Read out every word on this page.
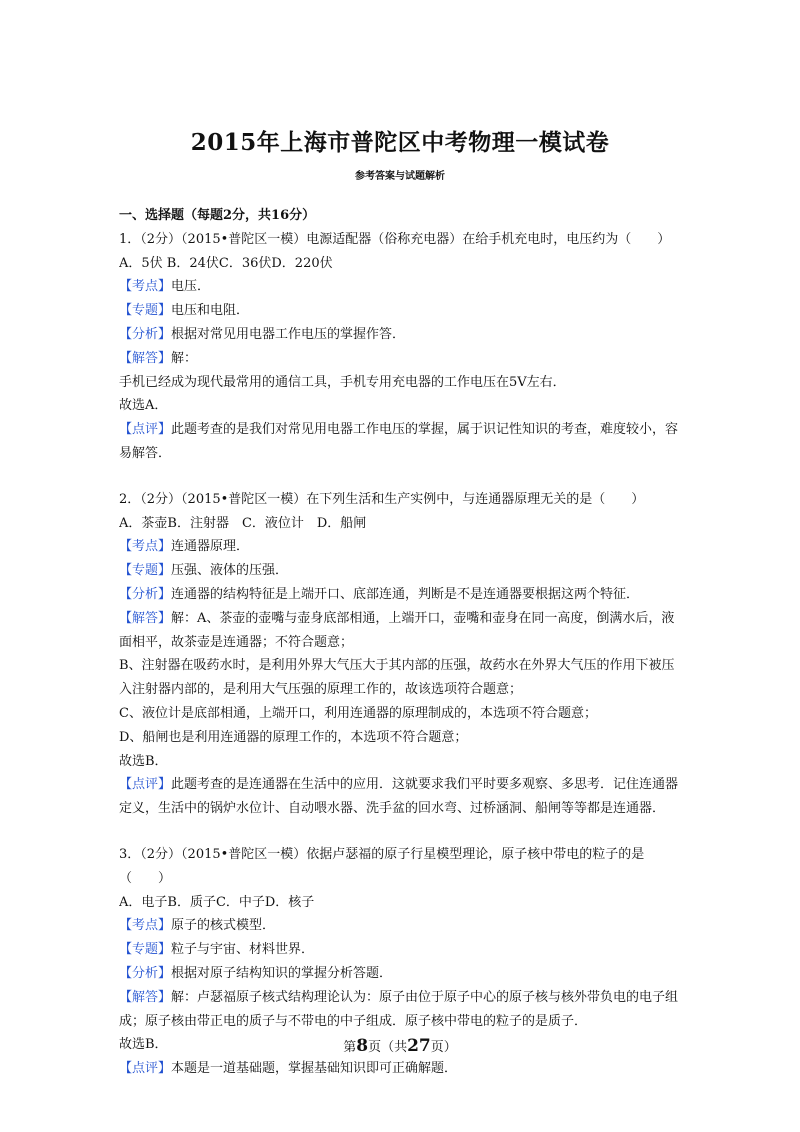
2015年上海市普陀区中考物理一模试卷
参考答案与试题解析
一、选择题（每题2分，共16分）
1．（2分）（2015•普陀区一模）电源适配器（俗称充电器）在给手机充电时，电压约为（　　）
A．5伏 B．24伏C．36伏D．220伏
【考点】电压．
【专题】电压和电阻．
【分析】根据对常见用电器工作电压的掌握作答．
【解答】解：
手机已经成为现代最常用的通信工具，手机专用充电器的工作电压在5V左右．
故选A．
【点评】此题考查的是我们对常见用电器工作电压的掌握，属于识记性知识的考查，难度较小，容易解答．
2．（2分）（2015•普陀区一模）在下列生活和生产实例中，与连通器原理无关的是（　　）
A．茶壶B．注射器　C．液位计　D．船闸
【考点】连通器原理．
【专题】压强、液体的压强．
【分析】连通器的结构特征是上端开口、底部连通，判断是不是连通器要根据这两个特征．
【解答】解：A、茶壶的壶嘴与壶身底部相通，上端开口，壶嘴和壶身在同一高度，倒满水后，液面相平，故茶壶是连通器；不符合题意；
B、注射器在吸药水时，是利用外界大气压大于其内部的压强，故药水在外界大气压的作用下被压入注射器内部的，是利用大气压强的原理工作的，故该选项符合题意；
C、液位计是底部相通，上端开口，利用连通器的原理制成的，本选项不符合题意；
D、船闸也是利用连通器的原理工作的，本选项不符合题意；
故选B．
【点评】此题考查的是连通器在生活中的应用．这就要求我们平时要多观察、多思考．记住连通器定义，生活中的锅炉水位计、自动喂水器、洗手盆的回水弯、过桥涵洞、船闸等等都是连通器．
3．（2分）（2015•普陀区一模）依据卢瑟福的原子行星模型理论，原子核中带电的粒子的是（　　）
A．电子B．质子C．中子D．核子
【考点】原子的核式模型．
【专题】粒子与宇宙、材料世界．
【分析】根据对原子结构知识的掌握分析答题．
【解答】解：卢瑟福原子核式结构理论认为：原子由位于原子中心的原子核与核外带负电的电子组成；原子核由带正电的质子与不带电的中子组成．原子核中带电的粒子的是质子．
故选B．
【点评】本题是一道基础题，掌握基础知识即可正确解题．
第8页（共27页）
